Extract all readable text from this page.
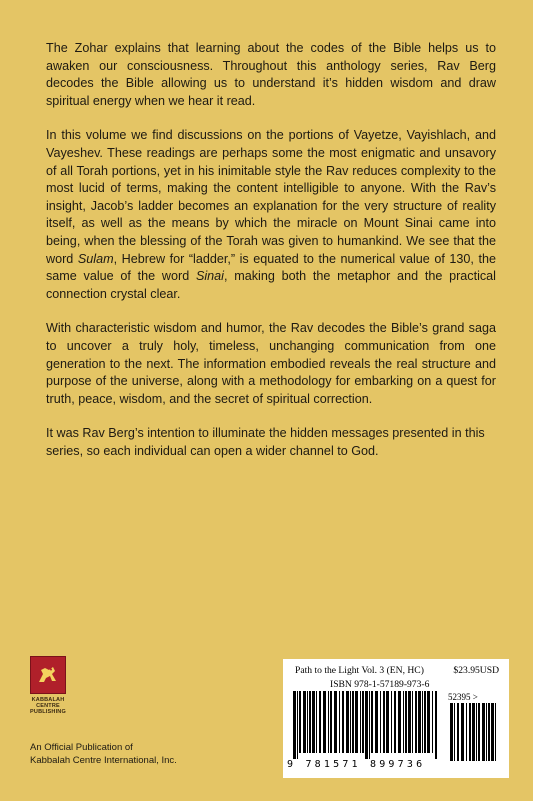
The Zohar explains that learning about the codes of the Bible helps us to awaken our consciousness. Throughout this anthology series, Rav Berg decodes the Bible allowing us to understand it’s hidden wisdom and draw spiritual energy when we hear it read.

In this volume we find discussions on the portions of Vayetze, Vayishlach, and Vayeshev. These readings are perhaps some the most enigmatic and unsavory of all Torah portions, yet in his inimitable style the Rav reduces complexity to the most lucid of terms, making the content intelligible to anyone. With the Rav’s insight, Jacob’s ladder becomes an explanation for the very structure of reality itself, as well as the means by which the miracle on Mount Sinai came into being, when the blessing of the Torah was given to humankind. We see that the word Sulam, Hebrew for “ladder,” is equated to the numerical value of 130, the same value of the word Sinai, making both the metaphor and the practical connection crystal clear.

With characteristic wisdom and humor, the Rav decodes the Bible’s grand saga to uncover a truly holy, timeless, unchanging communication from one generation to the next. The information embodied reveals the real structure and purpose of the universe, along with a methodology for embarking on a quest for truth, peace, wisdom, and the secret of spiritual correction.

It was Rav Berg’s intention to illuminate the hidden messages presented in this series, so each individual can open a wider channel to God.

KABBALAH
CENTRE
PUBLISHING
An Official Publication of
Kabbalah Centre International, Inc.
Path to the Light Vol. 3 (EN, HC)	$23.95USD
ISBN 978-1-57189-973-6
52395 >
9 781571 899736
